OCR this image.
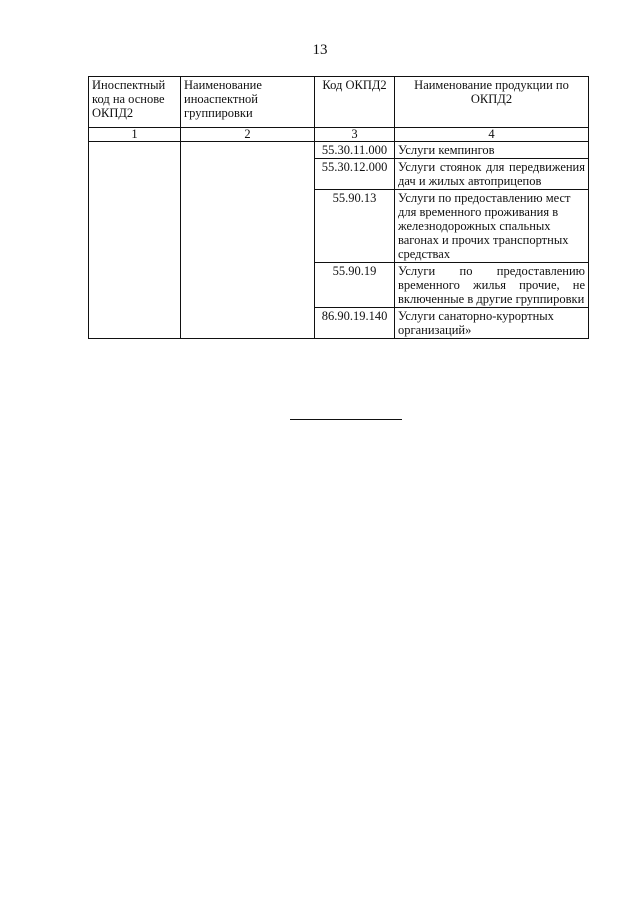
13
Иноспектный код на основе ОКПД2	Наименование иноаспектной группировки	Код ОКПД2	Наименование продукции по ОКПД2
1	2	3	4
		55.30.11.000	Услуги кемпингов
		55.30.12.000	Услуги стоянок для передвижения дач и жилых автоприцепов
		55.90.13	Услуги по предоставлению мест для временного проживания в железнодорожных спальных вагонах и прочих транспортных средствах
		55.90.19	Услуги по предоставлению временного жилья прочие, не включенные в другие группировки
		86.90.19.140	Услуги санаторно-курортных организаций»
